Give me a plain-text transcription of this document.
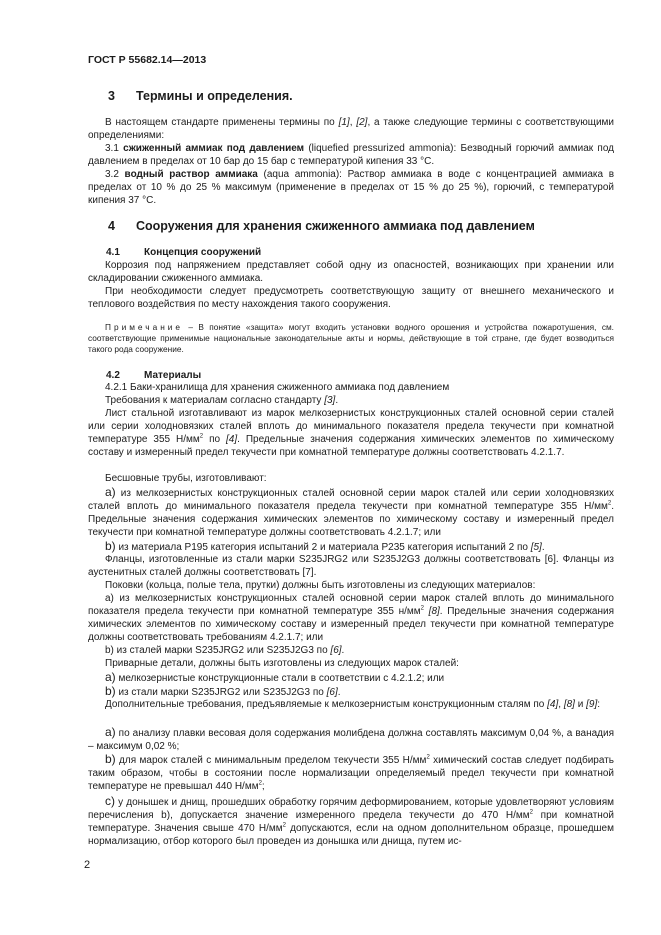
ГОСТ Р 55682.14—2013
3 Термины и определения.

В настоящем стандарте применены термины по [1], [2], а также следующие термины с соответствующими определениями:

3.1 сжиженный аммиак под давлением (liquefied pressurized ammonia): Безводный горючий аммиак под давлением в пределах от 10 бар до 15 бар с температурой кипения 33 °С.

3.2 водный раствор аммиака (aqua ammonia): Раствор аммиака в воде с концентрацией аммиака в пределах от 10 % до 25 % максимум (применение в пределах от 15 % до 25 %), горючий, с температурой кипения 37 °С.

4 Сооружения для хранения сжиженного аммиака под давлением
4.1 Концепция сооружений

Коррозия под напряжением представляет собой одну из опасностей, возникающих при хранении или складировании сжиженного аммиака.

При необходимости следует предусмотреть соответствующую защиту от внешнего механического и теплового воздействия по месту нахождения такого сооружения.

Примечание – В понятие «защита» могут входить установки водного орошения и устройства пожаротушения, см. соответствующие применимые национальные законодательные акты и нормы, действующие в той стране, где будет возводиться такого рода сооружение.

4.2 Материалы

4.2.1 Баки-хранилища для хранения сжиженного аммиака под давлением

Требования к материалам согласно стандарту [3].

Лист стальной изготавливают из марок мелкозернистых конструкционных сталей основной серии сталей или серии холодновязких сталей вплоть до минимального показателя предела текучести при комнатной температуре 355 $Н/мм^2$ по [4]. Предельные значения содержания химических элементов по химическому составу и измеренный предел текучести при комнатной температуре должны соответствовать 4.2.1.7.

Бесшовные трубы, изготовливают:

а) из мелкозернистых конструкционных сталей основной серии марок сталей или серии холодновязких сталей вплоть до минимального показателя предела текучести при комнатной температуре 355 $Н/мм^2$. Предельные значения содержания химических элементов по химическому составу и измеренный предел текучести при комнатной температуре должны соответствовать 4.2.1.7; или

b) из материала Р195 категория испытаний 2 и материала Р235 категория испытаний 2 по [5].

Фланцы, изготовленные из стали марки S235JRG2 или S235J2G3 должны соответствовать [6]. Фланцы из аустенитных сталей должны соответствовать [7].

Поковки (кольца, полые тела, прутки) должны быть изготовлены из следующих материалов:

а) из мелкозернистых конструкционных сталей основной серии марок сталей вплоть до минимального показателя предела текучести при комнатной температуре 355 $н/мм^2$ [8]. Предельные значения содержания химических элементов по химическому составу и измеренный предел текучести при комнатной температуре должны соответствовать требованиям 4.2.1.7; или

b) из сталей марки S235JRG2 или S235J2G3 по [6].

Приварные детали, должны быть изготовлены из следующих марок сталей:

а) мелкозернистые конструкционные стали в соответствии с 4.2.1.2; или

b) из стали марки S235JRG2 или S235J2G3 по [6].

Дополнительные требования, предъявляемые к мелкозернистым конструкционным сталям по [4], [8] и [9]:

а) по анализу плавки весовая доля содержания молибдена должна составлять максимум 0,04 %, а ванадия – максимум 0,02 %;

b) для марок сталей с минимальным пределом текучести 355 $Н/мм^2$ химический состав следует подбирать таким образом, чтобы в состоянии после нормализации определяемый предел текучести при комнатной температуре не превышал 440 $Н/мм^2$;

с) у донышек и днищ, прошедших обработку горячим деформированием, которые удовлетворяют условиям перечисления b), допускается значение измеренного предела текучести до 470 $Н/мм^2$ при комнатной температуре. Значения свыше 470 $Н/мм^2$ допускаются, если на одном дополнительном образце, прошедшем нормализацию, отбор которого был проведен из донышка или днища, путем ис-

2
